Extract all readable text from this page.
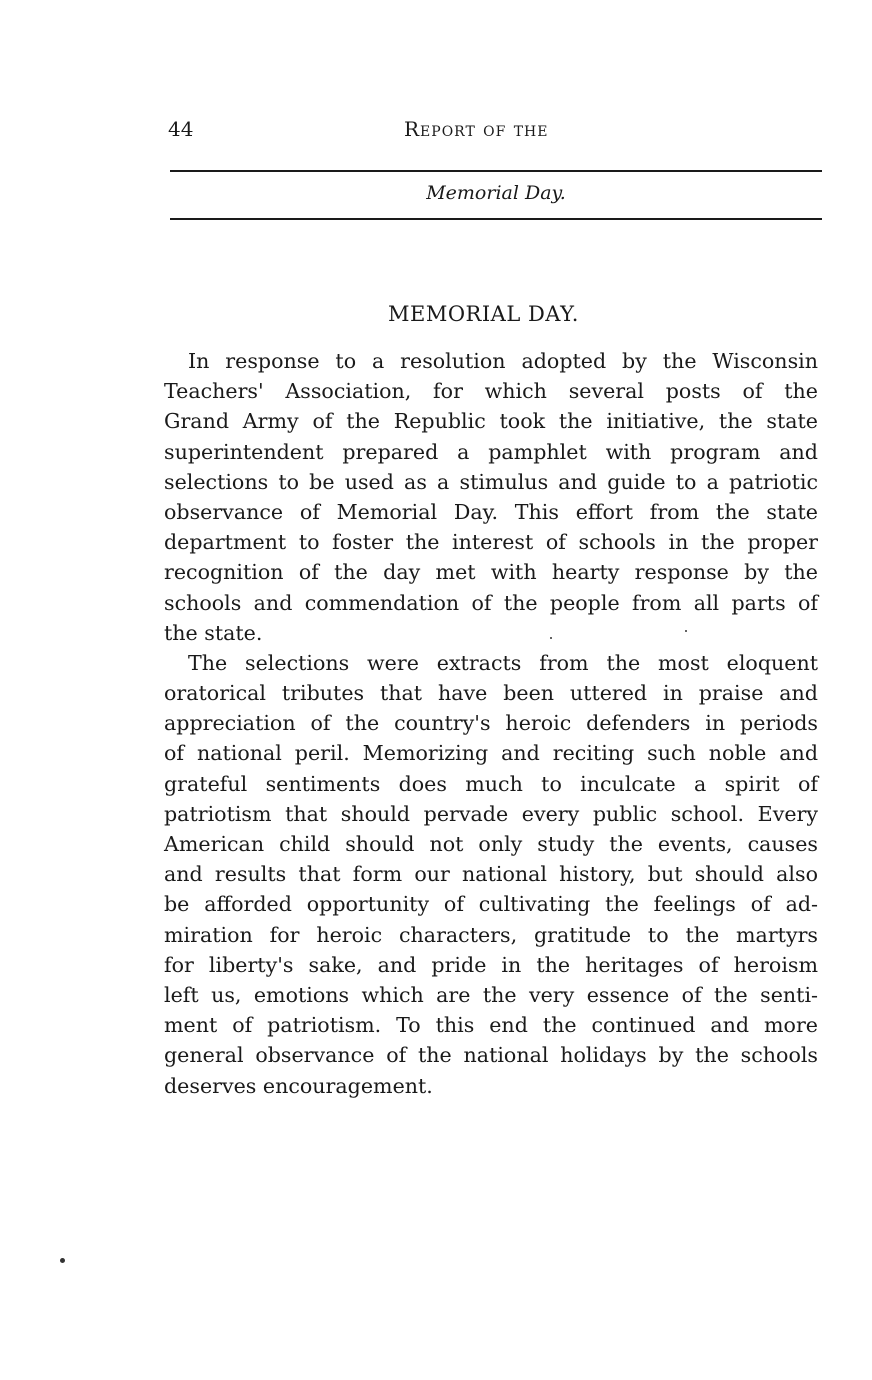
44	Report of the
Memorial Day.
MEMORIAL DAY.
In response to a resolution adopted by the Wisconsin
Teachers' Association, for which several posts of the
Grand Army of the Republic took the initiative, the state
superintendent prepared a pamphlet with program and
selections to be used as a stimulus and guide to a patriotic
observance of Memorial Day. This effort from the state
department to foster the interest of schools in the proper
recognition of the day met with hearty response by the
schools and commendation of the people from all parts of
the state.
The selections were extracts from the most eloquent
oratorical tributes that have been uttered in praise and
appreciation of the country's heroic defenders in periods
of national peril. Memorizing and reciting such noble and
grateful sentiments does much to inculcate a spirit of
patriotism that should pervade every public school. Every
American child should not only study the events, causes
and results that form our national history, but should also
be afforded opportunity of cultivating the feelings of ad-
miration for heroic characters, gratitude to the martyrs
for liberty's sake, and pride in the heritages of heroism
left us, emotions which are the very essence of the senti-
ment of patriotism. To this end the continued and more
general observance of the national holidays by the schools
deserves encouragement.
